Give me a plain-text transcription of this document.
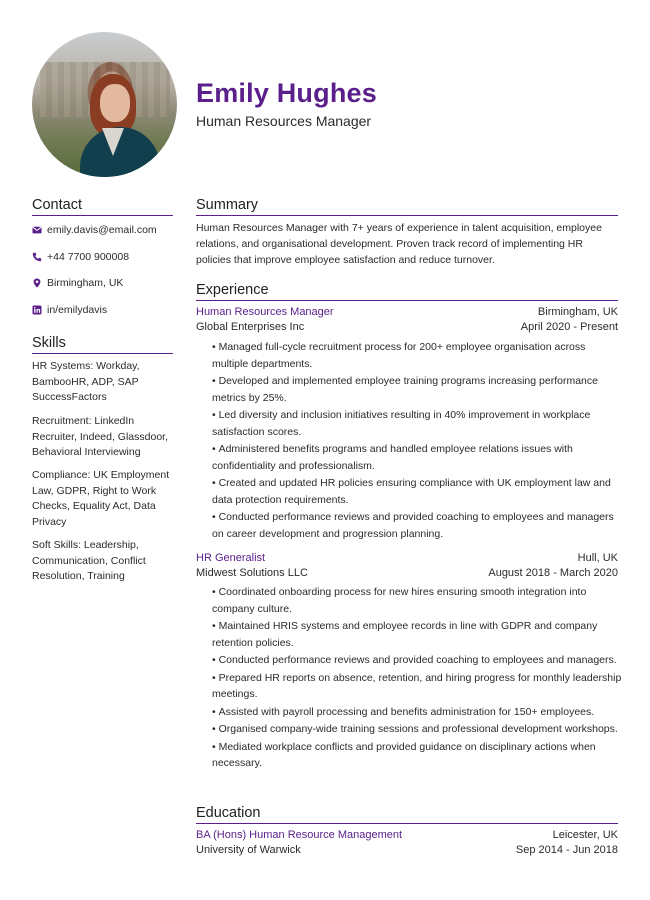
Emily Hughes
Human Resources Manager
Contact
emily.davis@email.com
+44 7700 900008
Birmingham, UK
in/emilydavis
Skills
HR Systems: Workday, BambooHR, ADP, SAP SuccessFactors
Recruitment: LinkedIn Recruiter, Indeed, Glassdoor, Behavioral Interviewing
Compliance: UK Employment Law, GDPR, Right to Work Checks, Equality Act, Data Privacy
Soft Skills: Leadership, Communication, Conflict Resolution, Training
Summary
Human Resources Manager with 7+ years of experience in talent acquisition, employee relations, and organisational development. Proven track record of implementing HR policies that improve employee satisfaction and reduce turnover.
Experience
Human Resources Manager	Birmingham, UK
Global Enterprises Inc	April 2020 - Present
• Managed full-cycle recruitment process for 200+ employee organisation across multiple departments.
• Developed and implemented employee training programs increasing performance metrics by 25%.
• Led diversity and inclusion initiatives resulting in 40% improvement in workplace satisfaction scores.
• Administered benefits programs and handled employee relations issues with confidentiality and professionalism.
• Created and updated HR policies ensuring compliance with UK employment law and data protection requirements.
• Conducted performance reviews and provided coaching to employees and managers on career development and progression planning.
HR Generalist	Hull, UK
Midwest Solutions LLC	August 2018 - March 2020
• Coordinated onboarding process for new hires ensuring smooth integration into company culture.
• Maintained HRIS systems and employee records in line with GDPR and company retention policies.
• Conducted performance reviews and provided coaching to employees and managers.
• Prepared HR reports on absence, retention, and hiring progress for monthly leadership meetings.
• Assisted with payroll processing and benefits administration for 150+ employees.
• Organised company-wide training sessions and professional development workshops.
• Mediated workplace conflicts and provided guidance on disciplinary actions when necessary.
Education
BA (Hons) Human Resource Management	Leicester, UK
University of Warwick	Sep 2014 - Jun 2018
